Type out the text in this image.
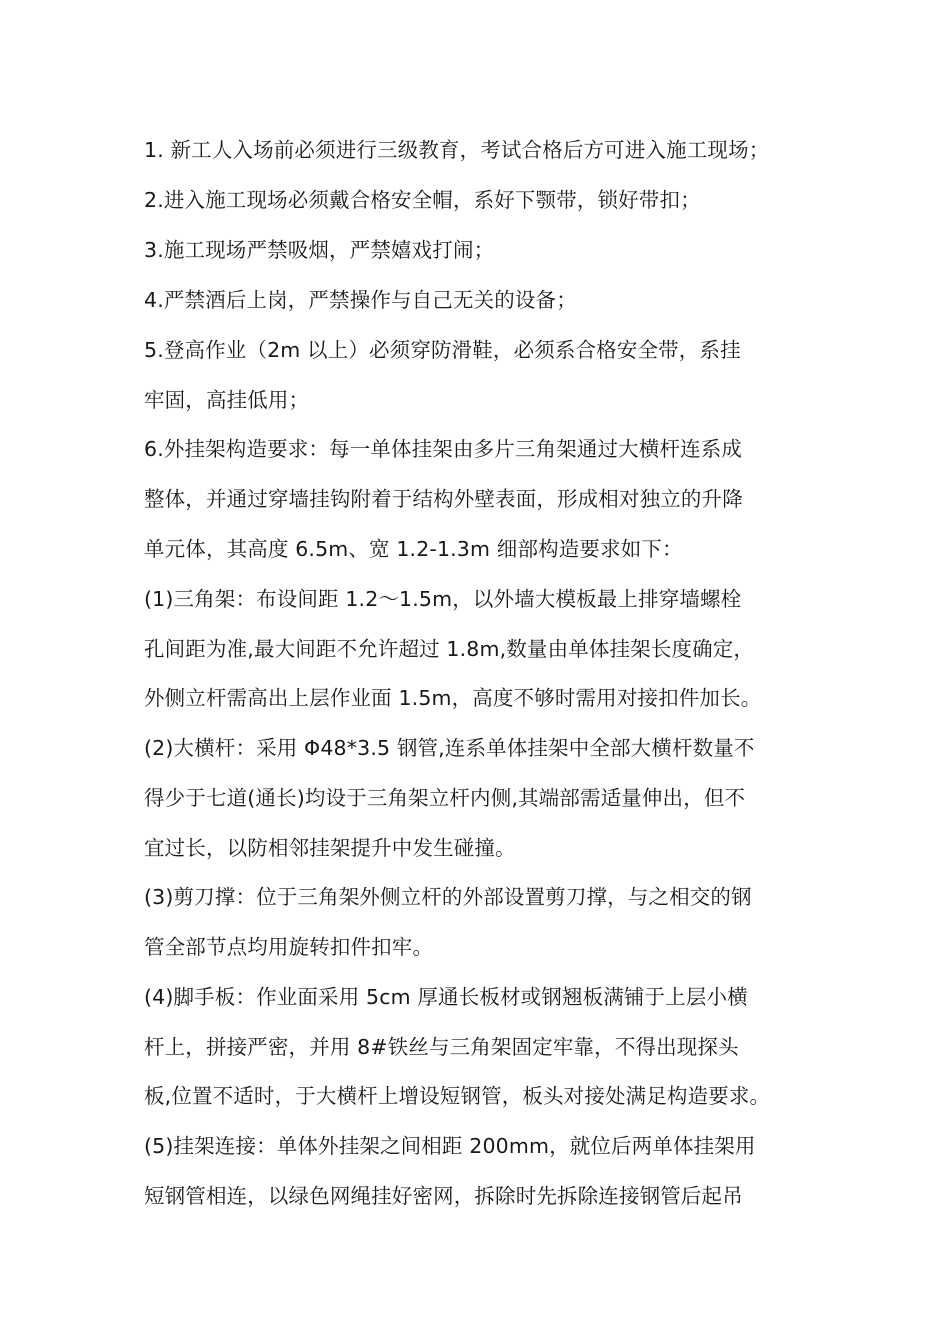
1. 新工人入场前必须进行三级教育，考试合格后方可进入施工现场；
2.进入施工现场必须戴合格安全帽，系好下颚带，锁好带扣；
3.施工现场严禁吸烟，严禁嬉戏打闹；
4.严禁酒后上岗，严禁操作与自己无关的设备；
5.登高作业（2m 以上）必须穿防滑鞋，必须系合格安全带，系挂
牢固，高挂低用；
6.外挂架构造要求：每一单体挂架由多片三角架通过大横杆连系成
整体，并通过穿墙挂钩附着于结构外壁表面，形成相对独立的升降
单元体，其高度 6.5m、宽 1.2-1.3m 细部构造要求如下：
(1)三角架：布设间距 1.2～1.5m，以外墙大模板最上排穿墙螺栓
孔间距为准,最大间距不允许超过 1.8m,数量由单体挂架长度确定，
外侧立杆需高出上层作业面 1.5m，高度不够时需用对接扣件加长。
(2)大横杆：采用 Φ48*3.5 钢管,连系单体挂架中全部大横杆数量不
得少于七道(通长)均设于三角架立杆内侧,其端部需适量伸出，但不
宜过长，以防相邻挂架提升中发生碰撞。
(3)剪刀撑：位于三角架外侧立杆的外部设置剪刀撑，与之相交的钢
管全部节点均用旋转扣件扣牢。
(4)脚手板：作业面采用 5cm 厚通长板材或钢翘板满铺于上层小横
杆上，拼接严密，并用 8#铁丝与三角架固定牢靠，不得出现探头
板,位置不适时，于大横杆上增设短钢管，板头对接处满足构造要求。
(5)挂架连接：单体外挂架之间相距 200mm，就位后两单体挂架用
短钢管相连，以绿色网绳挂好密网，拆除时先拆除连接钢管后起吊
